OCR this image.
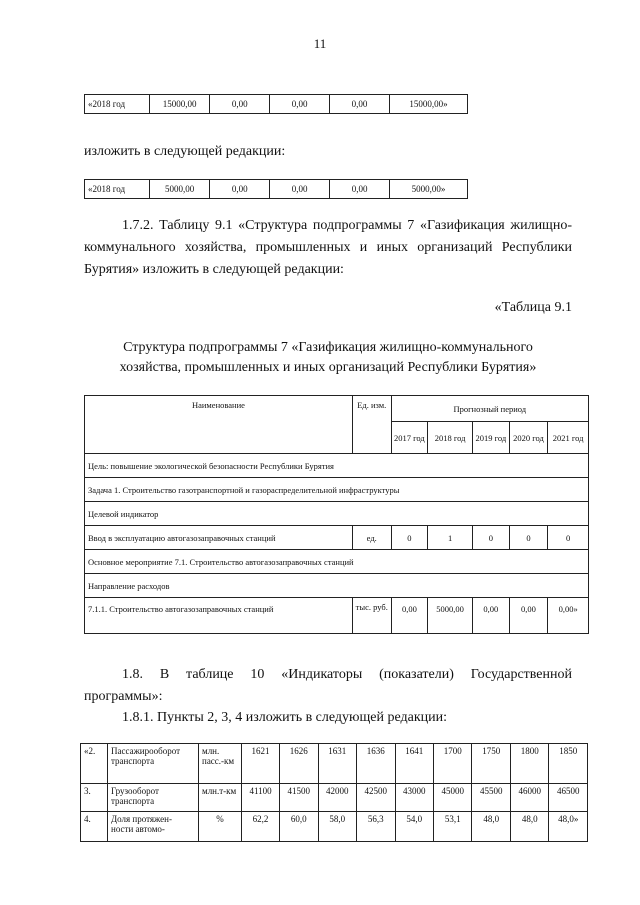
11
«2018 год	15000,00	0,00	0,00	0,00	15000,00»
изложить в следующей редакции:
«2018 год	5000,00	0,00	0,00	0,00	5000,00»
1.7.2. Таблицу 9.1 «Структура подпрограммы 7 «Газификация жилищно-коммунального хозяйства, промышленных и иных организаций Республики Бурятия» изложить в следующей редакции:
«Таблица 9.1
Структура подпрограммы 7 «Газификация жилищно-коммунального
хозяйства, промышленных и иных организаций Республики Бурятия»
Наименование	Ед. изм.	Прогнозный период				
		2017 год	2018 год	2019 год	2020 год	2021 год
Цель: повышение экологической безопасности Республики Бурятия						
Задача 1. Строительство газотранспортной и газораспределительной инфраструктуры						
Целевой индикатор						
Ввод в эксплуатацию автогазозаправочных станций	ед.	0	1	0	0	0
Основное мероприятие 7.1. Строительство автогазозаправочных станций						
Направление расходов						
7.1.1. Строительство автогазозаправочных станций	тыс. руб.	0,00	5000,00	0,00	0,00	0,00»
1.8. В таблице 10 «Индикаторы (показатели) Государственной программы»:
1.8.1. Пункты 2, 3, 4 изложить в следующей редакции:
«2.	Пассажирооборот транспорта	млн. пасс.-км	1621	1626	1631	1636	1641	1700	1750	1800	1850
3.	Грузооборот транспорта	млн.т-км	41100	41500	42000	42500	43000	45000	45500	46000	46500
4.	Доля протяжен- ности автомо-	%	62,2	60,0	58,0	56,3	54,0	53,1	48,0	48,0	48,0»
